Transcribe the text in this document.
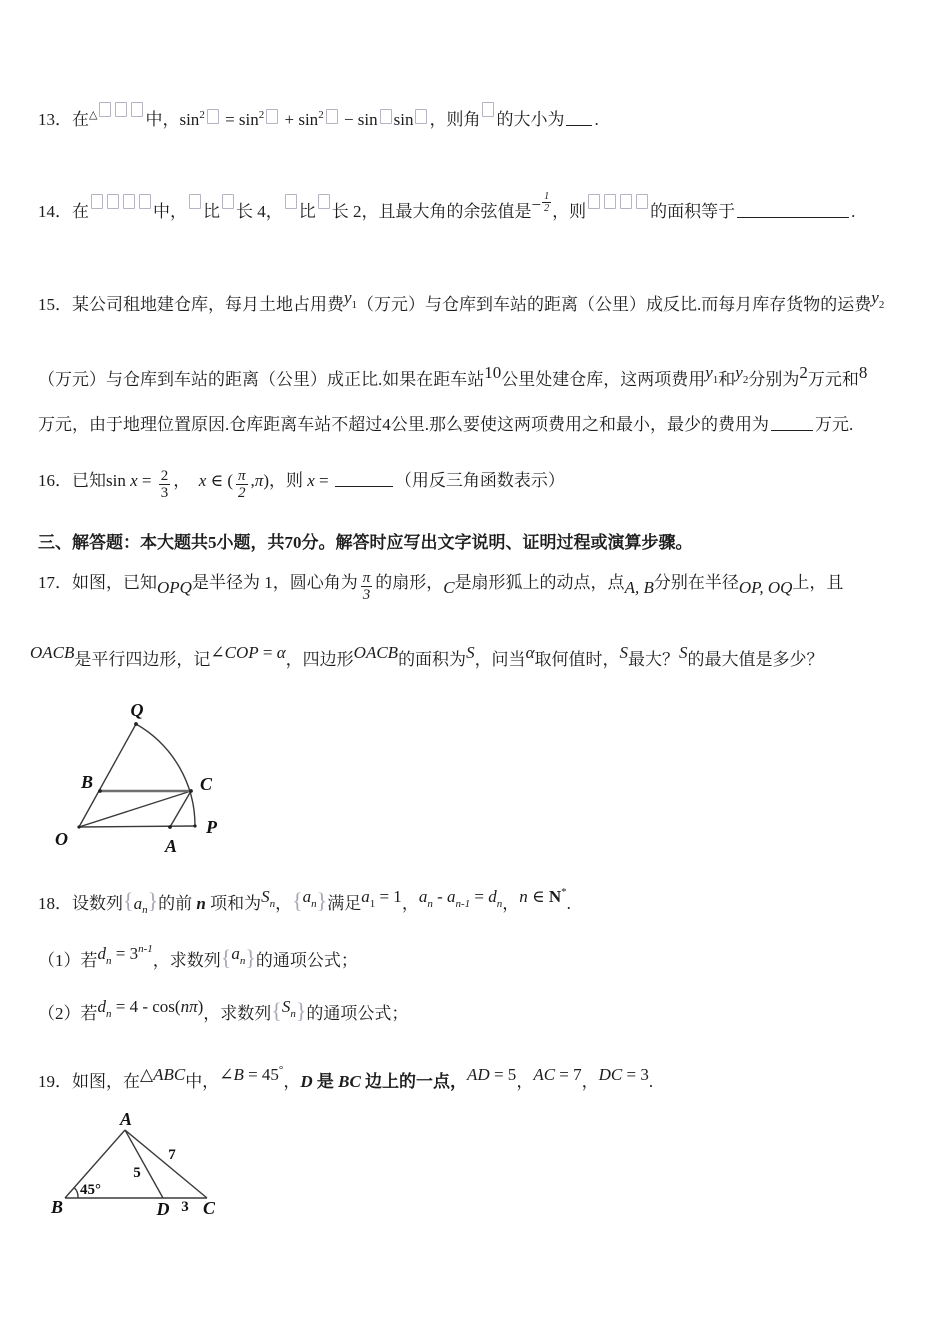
13．在△	中，$\sin^2 = \sin^2 + \sin^2 - \sin \sin$ ，则角 的大小为 .
14．在	中， 比 长 4， 比 长 2，且最大角的余弦值是− $\frac{1}{2}$ ，则	的面积等于	.
15．某公司租地建仓库，每月土地占用费y1（万元）与仓库到车站的距离（公里）成反比.而每月库存货物的运费y2
（万元）与仓库到车站的距离（公里）成正比.如果在距车站10公里处建仓库，这两项费用y1和y2分别为2万元和8
万元，由于地理位置原因.仓库距离车站不超过4公里.那么要使这两项费用之和最小，最少的费用为	万元.
16．已知$\sin x = \frac{2}{3}$ ，　x ∈ ( $\frac{\pi}{2} ,\pi$)，则 x =	（用反三角函数表示）
三、解答题：本大题共5小题，共70分。解答时应写出文字说明、证明过程或演算步骤。
17．如图，已知OPQ是半径为 1，圆心角为 $\frac{\pi}{3}$ 的扇形，C是扇形狐上的动点，点A, B分别在半径OP, OQ上，且
OACB是平行四边形，记∠COP = α，四边形OACB的面积为S，问当α取何值时，S最大？S的最大值是多少？
Q
B	C
O
P
A
18．设数列$\{a_n\}$的前 n 项和为Sn，{an}满足a1 = 1，an - an-1 = dn，n ∈ N*.
（1）若dn = $3^{n-1}$，求数列{an}的通项公式；
（2）若dn = 4 - cos(nπ)，求数列{Sn}的通项公式；
19．如图，在△ABC中，∠B = 45°，D 是 BC 边上的一点，AD = 5，AC = 7，DC = 3.
A
B	D C
45°
5
7
3
